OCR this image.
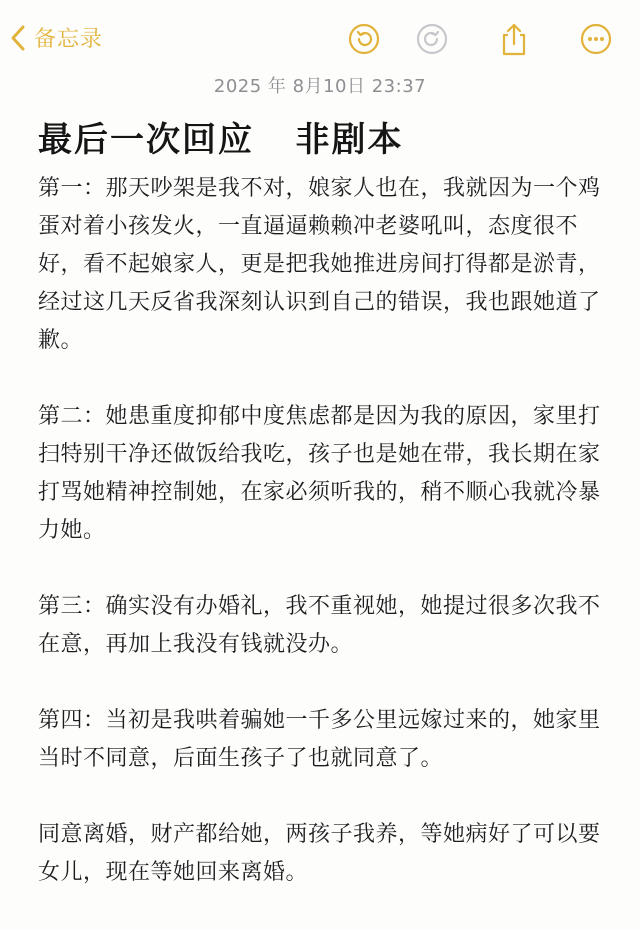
备忘录
2025 年 8月10日 23:37
最后一次回应   非剧本

第一：那天吵架是我不对，娘家人也在，我就因为一个鸡蛋对着小孩发火，一直逼逼赖赖冲老婆吼叫，态度很不好，看不起娘家人，更是把我她推进房间打得都是淤青，经过这几天反省我深刻认识到自己的错误，我也跟她道了歉。

第二：她患重度抑郁中度焦虑都是因为我的原因，家里打扫特别干净还做饭给我吃，孩子也是她在带，我长期在家打骂她精神控制她，在家必须听我的，稍不顺心我就冷暴力她。

第三：确实没有办婚礼，我不重视她，她提过很多次我不在意，再加上我没有钱就没办。

第四：当初是我哄着骗她一千多公里远嫁过来的，她家里当时不同意，后面生孩子了也就同意了。

同意离婚，财产都给她，两孩子我养，等她病好了可以要女儿，现在等她回来离婚。
